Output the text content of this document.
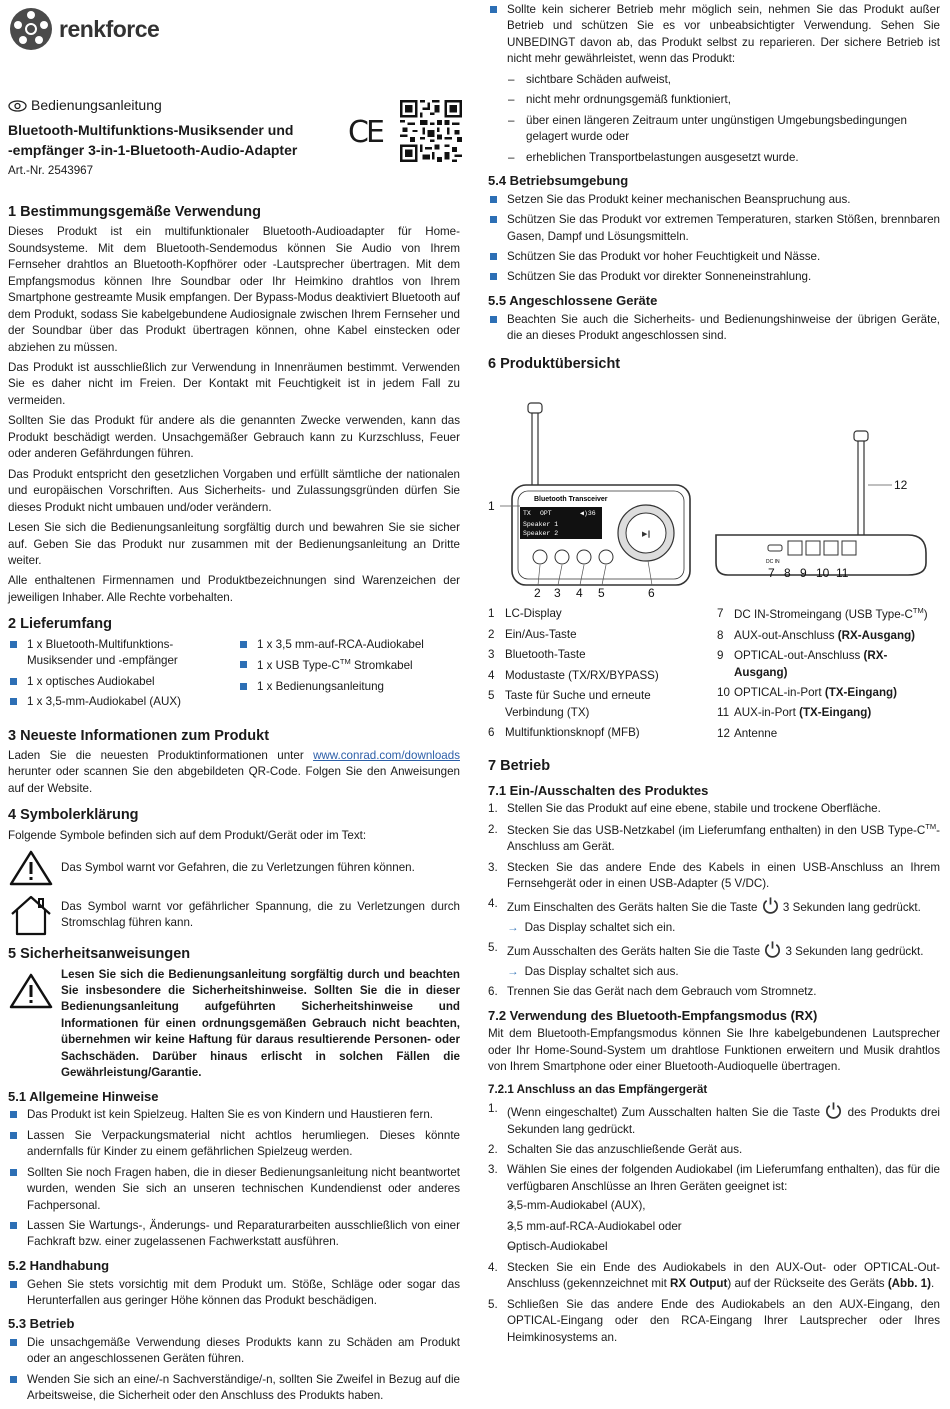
renkforce
Bedienungsanleitung
Bluetooth-Multifunktions-Musiksender und
-empfänger 3-in-1-Bluetooth-Audio-Adapter
Art.-Nr. 2543967
CE
1 Bestimmungsgemäße Verwendung

Dieses Produkt ist ein multifunktionaler Bluetooth-Audioadapter für Home-Soundsysteme. Mit dem Bluetooth-Sendemodus können Sie Audio von Ihrem Fernseher drahtlos an Bluetooth-Kopfhörer oder -Lautsprecher übertragen. Mit dem Empfangsmodus können Ihre Soundbar oder Ihr Heimkino drahtlos von Ihrem Smartphone gestreamte Musik empfangen. Der Bypass-Modus deaktiviert Bluetooth auf dem Produkt, sodass Sie kabelgebundene Audiosignale zwischen Ihrem Fernseher und der Soundbar über das Produkt übertragen können, ohne Kabel einstecken oder abziehen zu müssen.

Das Produkt ist ausschließlich zur Verwendung in Innenräumen bestimmt. Verwenden Sie es daher nicht im Freien. Der Kontakt mit Feuchtigkeit ist in jedem Fall zu vermeiden.

Sollten Sie das Produkt für andere als die genannten Zwecke verwenden, kann das Produkt beschädigt werden. Unsachgemäßer Gebrauch kann zu Kurzschluss, Feuer oder anderen Gefährdungen führen.

Das Produkt entspricht den gesetzlichen Vorgaben und erfüllt sämtliche der nationalen und europäischen Vorschriften. Aus Sicherheits- und Zulassungsgründen dürfen Sie dieses Produkt nicht umbauen und/oder verändern.

Lesen Sie sich die Bedienungsanleitung sorgfältig durch und bewahren Sie sie sicher auf. Geben Sie das Produkt nur zusammen mit der Bedienungsanleitung an Dritte weiter.

Alle enthaltenen Firmennamen und Produktbezeichnungen sind Warenzeichen der jeweiligen Inhaber. Alle Rechte vorbehalten.

2 Lieferumfang
1 x Bluetooth-Multifunktions-Musiksender und -empfänger
1 x optisches Audiokabel
1 x 3,5-mm-Audiokabel (AUX)
1 x 3,5 mm-auf-RCA-Audiokabel
1 x USB Type-C™ Stromkabel
1 x Bedienungsanleitung
3 Neueste Informationen zum Produkt

Laden Sie die neuesten Produktinformationen unter www.conrad.com/downloads herunter oder scannen Sie den abgebildeten QR-Code. Folgen Sie den Anweisungen auf der Website.

4 Symbolerklärung

Folgende Symbole befinden sich auf dem Produkt/Gerät oder im Text:

Das Symbol warnt vor Gefahren, die zu Verletzungen führen können.

Das Symbol warnt vor gefährlicher Spannung, die zu Verletzungen durch Stromschlag führen kann.

5 Sicherheitsanweisungen

Lesen Sie sich die Bedienungsanleitung sorgfältig durch und beachten Sie insbesondere die Sicherheitshinweise. Sollten Sie die in dieser Bedienungsanleitung aufgeführten Sicherheitshinweise und Informationen für einen ordnungsgemäßen Gebrauch nicht beachten, übernehmen wir keine Haftung für daraus resultierende Personen- oder Sachschäden. Darüber hinaus erlischt in solchen Fällen die Gewährleistung/Garantie.

5.1 Allgemeine Hinweise
Das Produkt ist kein Spielzeug. Halten Sie es von Kindern und Haustieren fern.
Lassen Sie Verpackungsmaterial nicht achtlos herumliegen. Dieses könnte andernfalls für Kinder zu einem gefährlichen Spielzeug werden.
Sollten Sie noch Fragen haben, die in dieser Bedienungsanleitung nicht beantwortet wurden, wenden Sie sich an unseren technischen Kundendienst oder anderes Fachpersonal.
Lassen Sie Wartungs-, Änderungs- und Reparaturarbeiten ausschließlich von einer Fachkraft bzw. einer zugelassenen Fachwerkstatt ausführen.
5.2 Handhabung
Gehen Sie stets vorsichtig mit dem Produkt um. Stöße, Schläge oder sogar das Herunterfallen aus geringer Höhe können das Produkt beschädigen.
5.3 Betrieb
Die unsachgemäße Verwendung dieses Produkts kann zu Schäden am Produkt oder an angeschlossenen Geräten führen.
Wenden Sie sich an eine/-n Sachverständige/-n, sollten Sie Zweifel in Bezug auf die Arbeitsweise, die Sicherheit oder den Anschluss des Produkts haben.
Sollte kein sicherer Betrieb mehr möglich sein, nehmen Sie das Produkt außer Betrieb und schützen Sie es vor unbeabsichtigter Verwendung. Sehen Sie UNBEDINGT davon ab, das Produkt selbst zu reparieren. Der sichere Betrieb ist nicht mehr gewährleistet, wenn das Produkt:
– sichtbare Schäden aufweist,
– nicht mehr ordnungsgemäß funktioniert,
– über einen längeren Zeitraum unter ungünstigen Umgebungsbedingungen gelagert wurde oder
– erheblichen Transportbelastungen ausgesetzt wurde.
5.4 Betriebsumgebung
Setzen Sie das Produkt keiner mechanischen Beanspruchung aus.
Schützen Sie das Produkt vor extremen Temperaturen, starken Stößen, brennbaren Gasen, Dampf und Lösungsmitteln.
Schützen Sie das Produkt vor hoher Feuchtigkeit und Nässe.
Schützen Sie das Produkt vor direkter Sonneneinstrahlung.
5.5 Angeschlossene Geräte
Beachten Sie auch die Sicherheits- und Bedienungshinweise der übrigen Geräte, die an dieses Produkt angeschlossen sind.
6 Produktübersicht
Bluetooth Transceiver
TX OPT	◀)36
Speaker 1
Speaker 2	▶‖
DC IN
1
2 3 4 5	6
7 8 9 10 11
12
1 LC-Display
2 Ein/Aus-Taste
3 Bluetooth-Taste
4 Modustaste (TX/RX/BYPASS)
5 Taste für Suche und erneute Verbindung (TX)
6 Multifunktionsknopf (MFB)
7 DC IN-Stromeingang (USB Type-C™)
8 AUX-out-Anschluss (RX-Ausgang)
9 OPTICAL-out-Anschluss (RX-Ausgang)
10 OPTICAL-in-Port (TX-Eingang)
11 AUX-in-Port (TX-Eingang)
12 Antenne
7 Betrieb
7.1 Ein-/Ausschalten des Produktes
1. Stellen Sie das Produkt auf eine ebene, stabile und trockene Oberfläche.
2. Stecken Sie das USB-Netzkabel (im Lieferumfang enthalten) in den USB Type-C™-Anschluss am Gerät.
3. Stecken Sie das andere Ende des Kabels in einen USB-Anschluss an Ihrem Fernsehgerät oder in einen USB-Adapter (5 V/DC).
4. Zum Einschalten des Geräts halten Sie die Taste  3 Sekunden lang gedrückt.
→ Das Display schaltet sich ein.
5. Zum Ausschalten des Geräts halten Sie die Taste  3 Sekunden lang gedrückt.
→ Das Display schaltet sich aus.
6. Trennen Sie das Gerät nach dem Gebrauch vom Stromnetz.
7.2 Verwendung des Bluetooth-Empfangsmodus (RX)

Mit dem Bluetooth-Empfangsmodus können Sie Ihre kabelgebundenen Lautsprecher oder Ihr Home-Sound-System um drahtlose Funktionen erweitern und Musik drahtlos von Ihrem Smartphone oder einer Bluetooth-Audioquelle übertragen.

7.2.1 Anschluss an das Empfängergerät
1. (Wenn eingeschaltet) Zum Ausschalten halten Sie die Taste  des Produkts drei Sekunden lang gedrückt.
2. Schalten Sie das anzuschließende Gerät aus.
3. Wählen Sie eines der folgenden Audiokabel (im Lieferumfang enthalten), das für die verfügbaren Anschlüsse an Ihren Geräten geeignet ist:
– 3,5-mm-Audiokabel (AUX),
– 3,5 mm-auf-RCA-Audiokabel oder
– Optisch-Audiokabel
4. Stecken Sie ein Ende des Audiokabels in den AUX-Out- oder OPTICAL-Out-Anschluss (gekennzeichnet mit RX Output) auf der Rückseite des Geräts (Abb. 1).
5. Schließen Sie das andere Ende des Audiokabels an den AUX-Eingang, den OPTICAL-Eingang oder den RCA-Eingang Ihrer Lautsprecher oder Ihres Heimkinosystems an.
